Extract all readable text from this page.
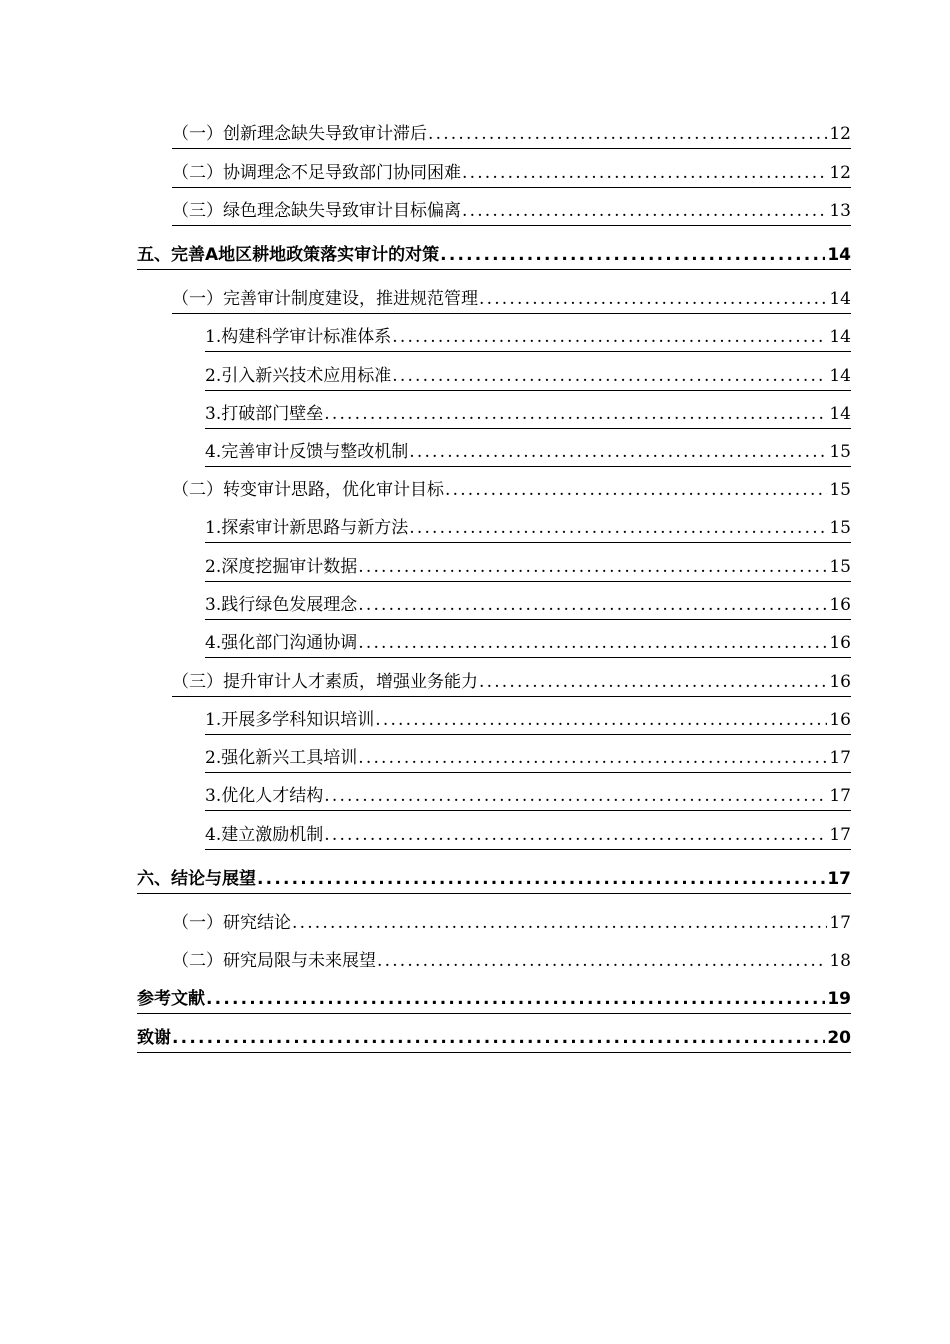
（一）创新理念缺失导致审计滞后 .....	12
（二）协调理念不足导致部门协同困难 .....	12
（三）绿色理念缺失导致审计目标偏离 .....	13
五、完善A地区耕地政策落实审计的对策 .....	14
（一）完善审计制度建设，推进规范管理 .....	14
1.构建科学审计标准体系 .....	14
2.引入新兴技术应用标准 .....	14
3.打破部门壁垒 .....	14
4.完善审计反馈与整改机制 .....	15
（二）转变审计思路，优化审计目标 .....	15
1.探索审计新思路与新方法 .....	15
2.深度挖掘审计数据 .....	15
3.践行绿色发展理念 .....	16
4.强化部门沟通协调 .....	16
（三）提升审计人才素质，增强业务能力 .....	16
1.开展多学科知识培训 .....	16
2.强化新兴工具培训 .....	17
3.优化人才结构 .....	17
4.建立激励机制 .....	17
六、结论与展望 .....	17
（一）研究结论 .....	17
（二）研究局限与未来展望 .....	18
参考文献 .....	19
致谢 .....	20
